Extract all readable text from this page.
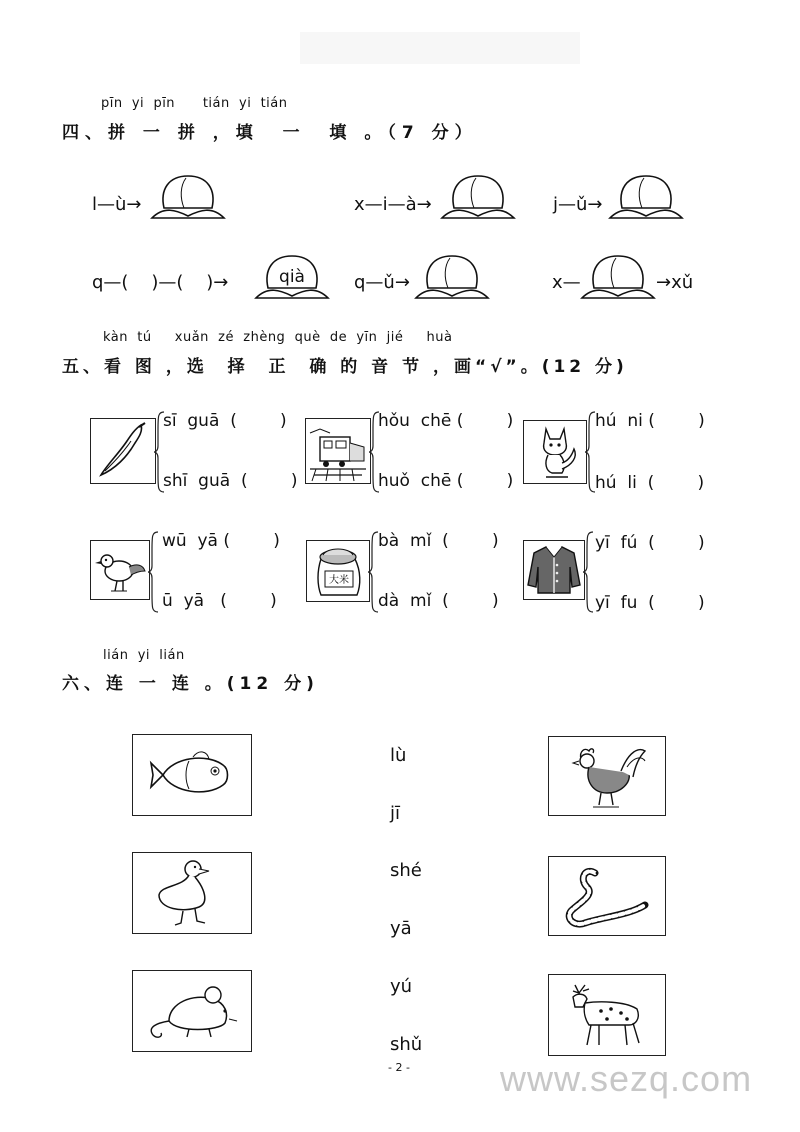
pīn  yi  pīn      tián  yi  tián
四、拼 一 拼 ，填  一  填 。（7 分）
l—ù→	x—i—à→	j—ǔ→
q—(    )—(    )→	qià	q—ǔ→	x—	→xǔ
kàn  tú     xuǎn  zé  zhèng  què  de  yīn  jié     huà
五、看 图 ，选  择  正  确 的 音 节 ，画“√”。(12 分)
sī  guā (        )
shī  guā (        )
hǒu  chē (        )
huǒ  chē (        )
hú  ni (        )
hú  li (        )
wū  yā (        )
ū  yā (        )
大米
bà  mǐ (        )
dà  mǐ (        )
yī  fú (        )
yī  fu (        )
lián  yi  lián
六、连 一 连 。(12 分)
lù
jī
shé
yā
yú
shǔ
- 2 -	www.sezq.com
